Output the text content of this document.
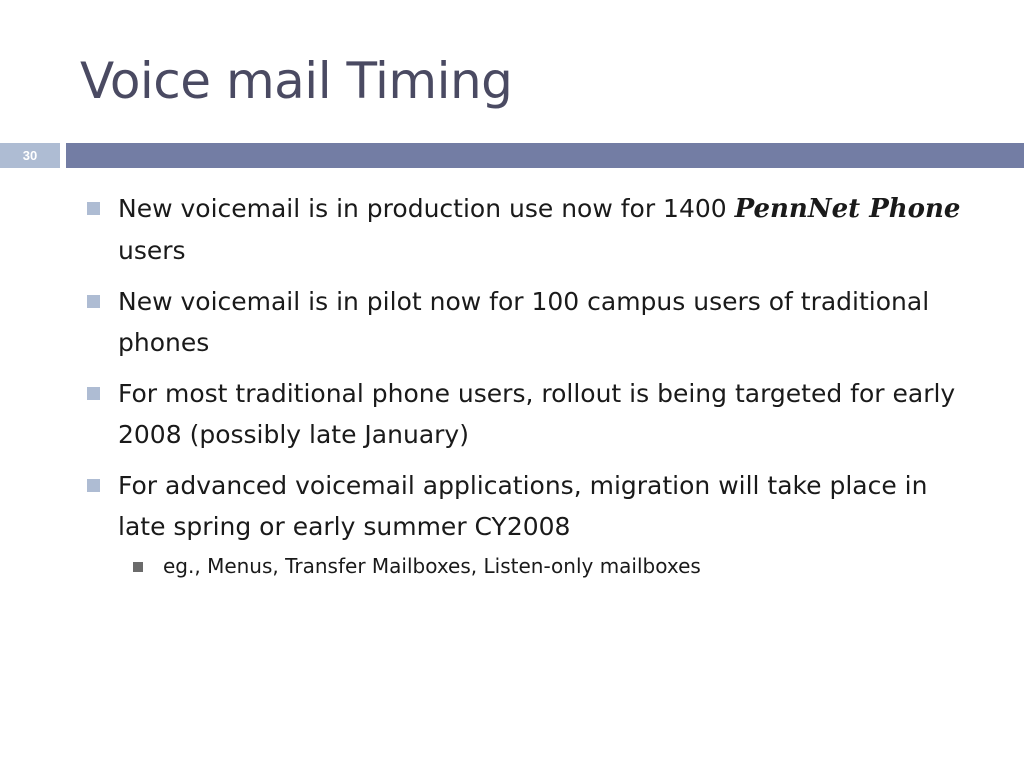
Voice mail Timing
30
New voicemail is in production use now for 1400 PennNet Phone users
New voicemail is in pilot now for 100 campus users of traditional phones
For most traditional phone users, rollout is being targeted for early 2008 (possibly late January)
For advanced voicemail applications, migration will take place in late spring or early summer CY2008
eg., Menus, Transfer Mailboxes, Listen-only mailboxes
